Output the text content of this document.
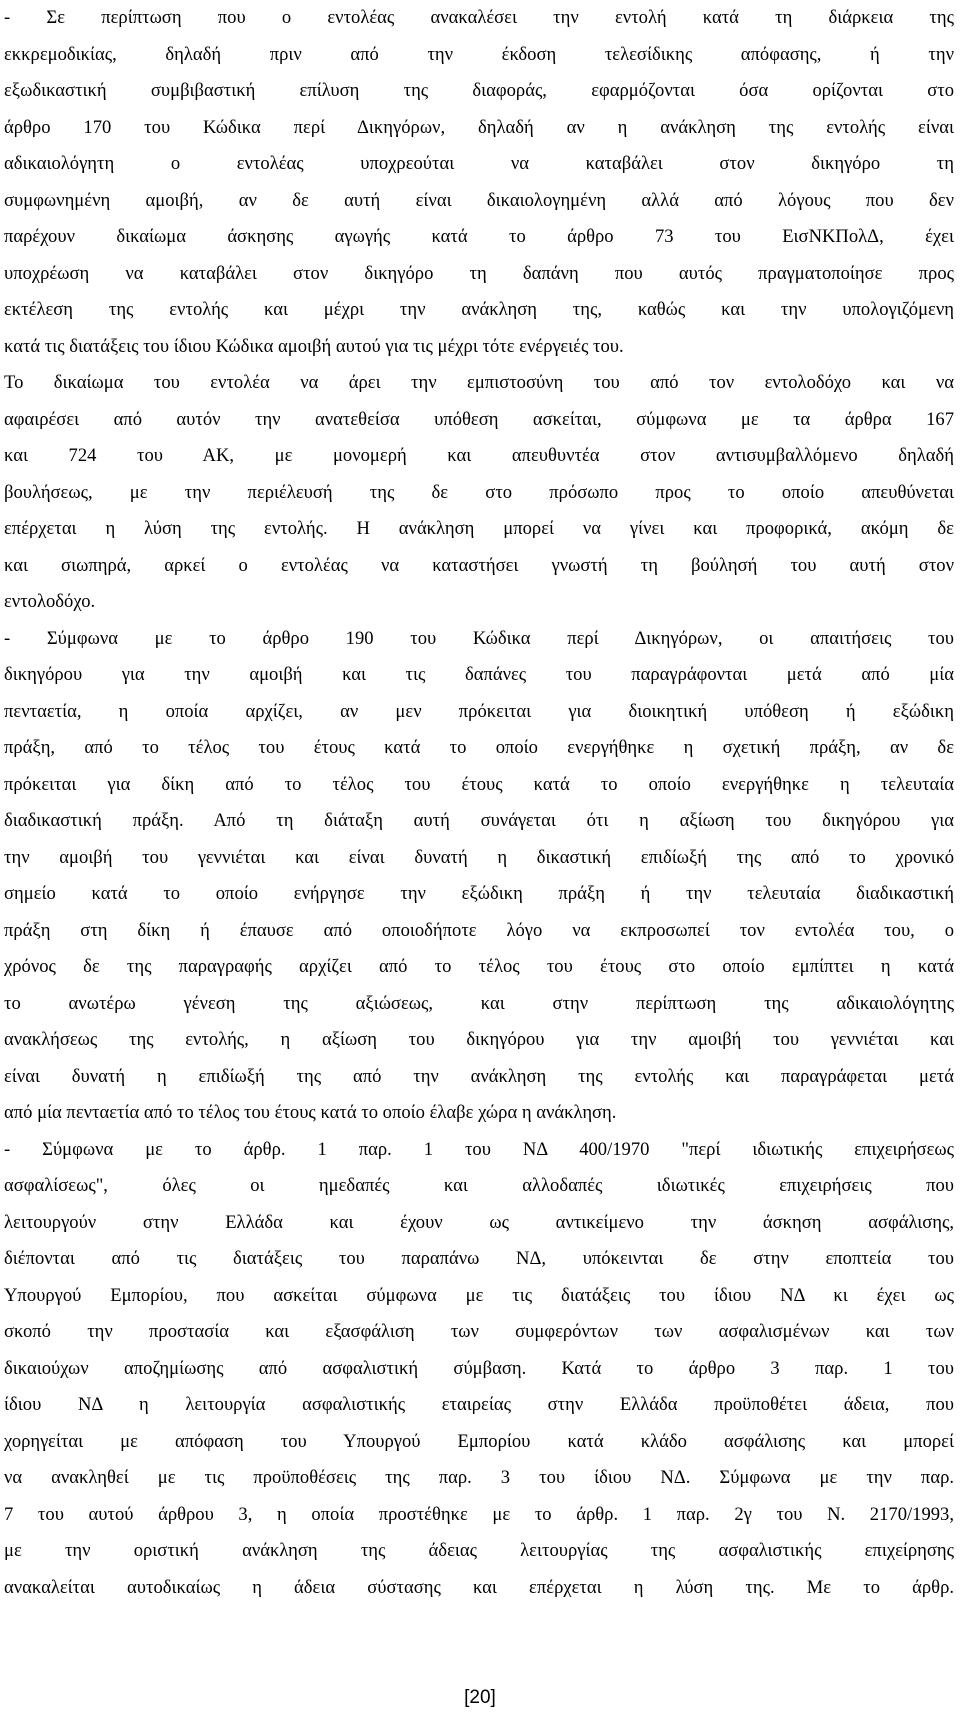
- Σε περίπτωση που ο εντολέας ανακαλέσει την εντολή κατά τη διάρκεια της
εκκρεμοδικίας, δηλαδή πριν από την έκδοση τελεσίδικης απόφασης, ή την
εξωδικαστική συμβιβαστική επίλυση της διαφοράς, εφαρμόζονται όσα ορίζονται στο
άρθρο 170 του Κώδικα περί Δικηγόρων, δηλαδή αν η ανάκληση της εντολής είναι
αδικαιολόγητη ο εντολέας υποχρεούται να καταβάλει στον δικηγόρο τη
συμφωνημένη αμοιβή, αν δε αυτή είναι δικαιολογημένη αλλά από λόγους που δεν
παρέχουν δικαίωμα άσκησης αγωγής κατά το άρθρο 73 του ΕισΝΚΠολΔ, έχει
υποχρέωση να καταβάλει στον δικηγόρο τη δαπάνη που αυτός πραγματοποίησε προς
εκτέλεση της εντολής και μέχρι την ανάκληση της, καθώς και την υπολογιζόμενη
κατά τις διατάξεις του ίδιου Κώδικα αμοιβή αυτού για τις μέχρι τότε ενέργειές του.
Το δικαίωμα του εντολέα να άρει την εμπιστοσύνη του από τον εντολοδόχο και να
αφαιρέσει από αυτόν την ανατεθείσα υπόθεση ασκείται, σύμφωνα με τα άρθρα 167
και 724 του ΑΚ, με μονομερή και απευθυντέα στον αντισυμβαλλόμενο δηλαδή
βουλήσεως, με την περιέλευσή της δε στο πρόσωπο προς το οποίο απευθύνεται
επέρχεται η λύση της εντολής. Η ανάκληση μπορεί να γίνει και προφορικά, ακόμη δε
και σιωπηρά, αρκεί ο εντολέας να καταστήσει γνωστή τη βούλησή του αυτή στον
εντολοδόχο.
- Σύμφωνα με το άρθρο 190 του Κώδικα περί Δικηγόρων, οι απαιτήσεις του
δικηγόρου για την αμοιβή και τις δαπάνες του παραγράφονται μετά από μία
πενταετία, η οποία αρχίζει, αν μεν πρόκειται για διοικητική υπόθεση ή εξώδικη
πράξη, από το τέλος του έτους κατά το οποίο ενεργήθηκε η σχετική πράξη, αν δε
πρόκειται για δίκη από το τέλος του έτους κατά το οποίο ενεργήθηκε η τελευταία
διαδικαστική πράξη. Από τη διάταξη αυτή συνάγεται ότι η αξίωση του δικηγόρου για
την αμοιβή του γεννιέται και είναι δυνατή η δικαστική επιδίωξή της από το χρονικό
σημείο κατά το οποίο ενήργησε την εξώδικη πράξη ή την τελευταία διαδικαστική
πράξη στη δίκη ή έπαυσε από οποιοδήποτε λόγο να εκπροσωπεί τον εντολέα του, ο
χρόνος δε της παραγραφής αρχίζει από το τέλος του έτους στο οποίο εμπίπτει η κατά
το ανωτέρω γένεση της αξιώσεως, και στην περίπτωση της αδικαιολόγητης
ανακλήσεως της εντολής, η αξίωση του δικηγόρου για την αμοιβή του γεννιέται και
είναι δυνατή η επιδίωξή της από την ανάκληση της εντολής και παραγράφεται μετά
από μία πενταετία από το τέλος του έτους κατά το οποίο έλαβε χώρα η ανάκληση.
- Σύμφωνα με το άρθρ. 1 παρ. 1 του ΝΔ 400/1970 "περί ιδιωτικής επιχειρήσεως
ασφαλίσεως", όλες οι ημεδαπές και αλλοδαπές ιδιωτικές επιχειρήσεις που
λειτουργούν στην Ελλάδα και έχουν ως αντικείμενο την άσκηση ασφάλισης,
διέπονται από τις διατάξεις του παραπάνω ΝΔ, υπόκεινται δε στην εποπτεία του
Υπουργού Εμπορίου, που ασκείται σύμφωνα με τις διατάξεις του ίδιου ΝΔ κι έχει ως
σκοπό την προστασία και εξασφάλιση των συμφερόντων των ασφαλισμένων και των
δικαιούχων αποζημίωσης από ασφαλιστική σύμβαση. Κατά το άρθρο 3 παρ. 1 του
ίδιου ΝΔ η λειτουργία ασφαλιστικής εταιρείας στην Ελλάδα προϋποθέτει άδεια, που
χορηγείται με απόφαση του Υπουργού Εμπορίου κατά κλάδο ασφάλισης και μπορεί
να ανακληθεί με τις προϋποθέσεις της παρ. 3 του ίδιου ΝΔ. Σύμφωνα με την παρ.
7 του αυτού άρθρου 3, η οποία προστέθηκε με το άρθρ. 1 παρ. 2γ του Ν. 2170/1993,
με την οριστική ανάκληση της άδειας λειτουργίας της ασφαλιστικής επιχείρησης
ανακαλείται αυτοδικαίως η άδεια σύστασης και επέρχεται η λύση της. Με το άρθρ.
[20]
